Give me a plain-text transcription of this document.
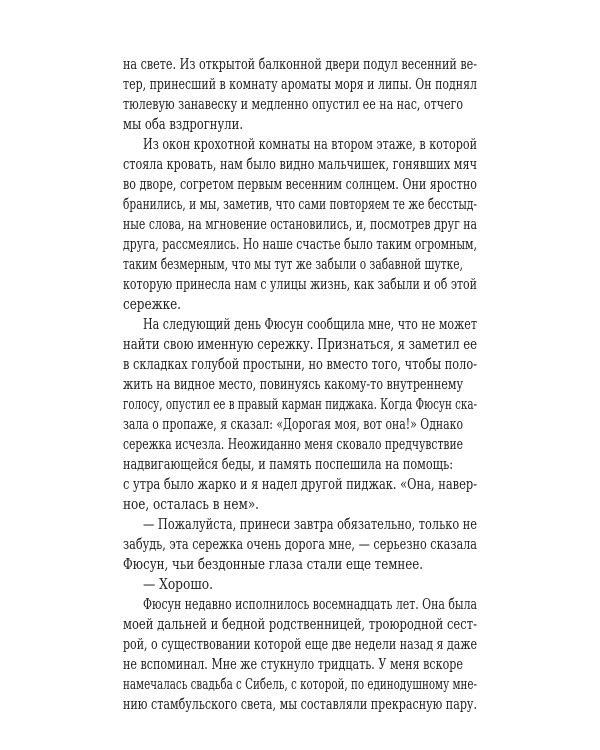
на свете. Из открытой балконной двери подул весенний ве-
тер, принесший в комнату ароматы моря и липы. Он поднял
тюлевую занавеску и медленно опустил ее на нас, отчего
мы оба вздрогнули.
Из окон крохотной комнаты на втором этаже, в которой
стояла кровать, нам было видно мальчишек, гонявших мяч
во дворе, согретом первым весенним солнцем. Они яростно
бранились, и мы, заметив, что сами повторяем те же бесстыд-
ные слова, на мгновение остановились, и, посмотрев друг на
друга, рассмеялись. Но наше счастье было таким огромным,
таким безмерным, что мы тут же забыли о забавной шутке,
которую принесла нам с улицы жизнь, как забыли и об этой
сережке.
На следующий день Фюсун сообщила мне, что не может
найти свою именную сережку. Признаться, я заметил ее
в складках голубой простыни, но вместо того, чтобы поло-
жить на видное место, повинуясь какому-то внутреннему
голосу, опустил ее в правый карман пиджака. Когда Фюсун ска-
зала о пропаже, я сказал: «Дорогая моя, вот она!» Однако
сережка исчезла. Неожиданно меня сковало предчувствие
надвигающейся беды, и память поспешила на помощь:
с утра было жарко и я надел другой пиджак. «Она, навер-
ное, осталась в нем».
— Пожалуйста, принеси завтра обязательно, только не
забудь, эта сережка очень дорога мне, — серьезно сказала
Фюсун, чьи бездонные глаза стали еще темнее.
— Хорошо.
Фюсун недавно исполнилось восемнадцать лет. Она была
моей дальней и бедной родственницей, троюродной сест-
рой, о существовании которой еще две недели назад я даже
не вспоминал. Мне же стукнуло тридцать. У меня вскоре
намечалась свадьба с Сибель, с которой, по единодушному мне-
нию стамбульского света, мы составляли прекрасную пару.
